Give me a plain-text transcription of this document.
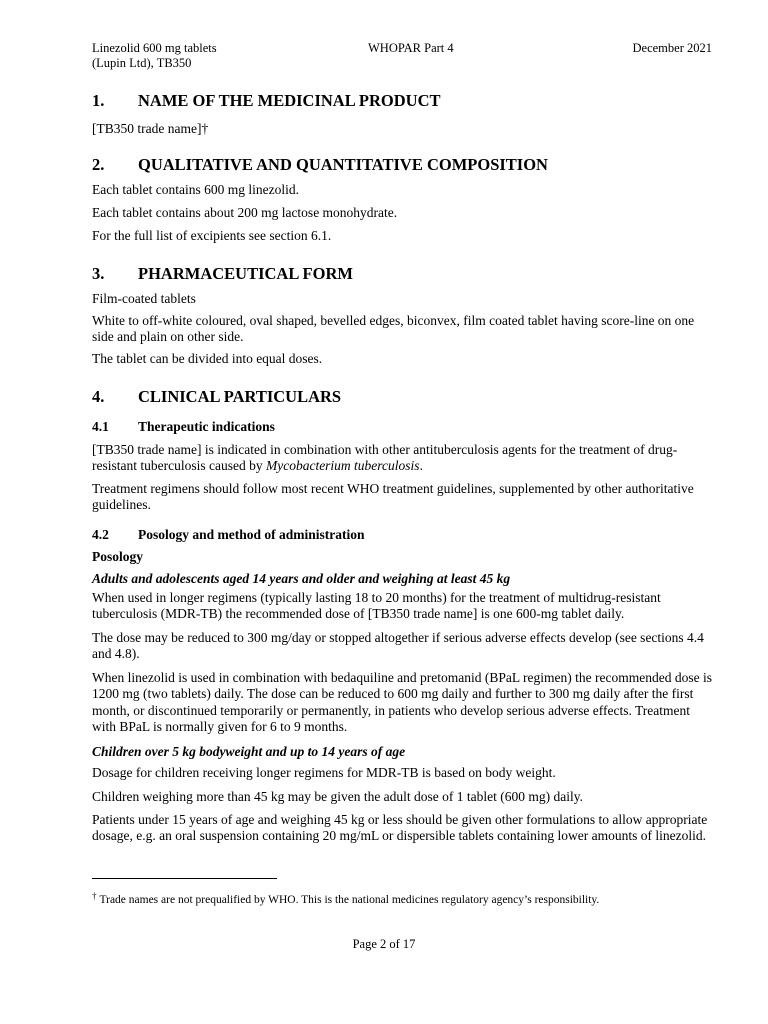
Linezolid 600 mg tablets
(Lupin Ltd), TB350
WHOPAR Part 4	December 2021
1. NAME OF THE MEDICINAL PRODUCT
[TB350 trade name]†
2. QUALITATIVE AND QUANTITATIVE COMPOSITION
Each tablet contains 600 mg linezolid.
Each tablet contains about 200 mg lactose monohydrate.
For the full list of excipients see section 6.1.
3. PHARMACEUTICAL FORM
Film-coated tablets
White to off-white coloured, oval shaped, bevelled edges, biconvex, film coated tablet having score-line on one side and plain on other side.
The tablet can be divided into equal doses.
4. CLINICAL PARTICULARS
4.1 Therapeutic indications
[TB350 trade name] is indicated in combination with other antituberculosis agents for the treatment of drug-resistant tuberculosis caused by Mycobacterium tuberculosis.
Treatment regimens should follow most recent WHO treatment guidelines, supplemented by other authoritative guidelines.
4.2 Posology and method of administration
Posology
Adults and adolescents aged 14 years and older and weighing at least 45 kg
When used in longer regimens (typically lasting 18 to 20 months) for the treatment of multidrug-resistant tuberculosis (MDR-TB) the recommended dose of [TB350 trade name] is one 600-mg tablet daily.
The dose may be reduced to 300 mg/day or stopped altogether if serious adverse effects develop (see sections 4.4 and 4.8).
When linezolid is used in combination with bedaquiline and pretomanid (BPaL regimen) the recommended dose is 1200 mg (two tablets) daily. The dose can be reduced to 600 mg daily and further to 300 mg daily after the first month, or discontinued temporarily or permanently, in patients who develop serious adverse effects. Treatment with BPaL is normally given for 6 to 9 months.
Children over 5 kg bodyweight and up to 14 years of age
Dosage for children receiving longer regimens for MDR-TB is based on body weight.
Children weighing more than 45 kg may be given the adult dose of 1 tablet (600 mg) daily.
Patients under 15 years of age and weighing 45 kg or less should be given other formulations to allow appropriate dosage, e.g. an oral suspension containing 20 mg/mL or dispersible tablets containing lower amounts of linezolid.
† Trade names are not prequalified by WHO. This is the national medicines regulatory agency’s responsibility.
Page 2 of 17
